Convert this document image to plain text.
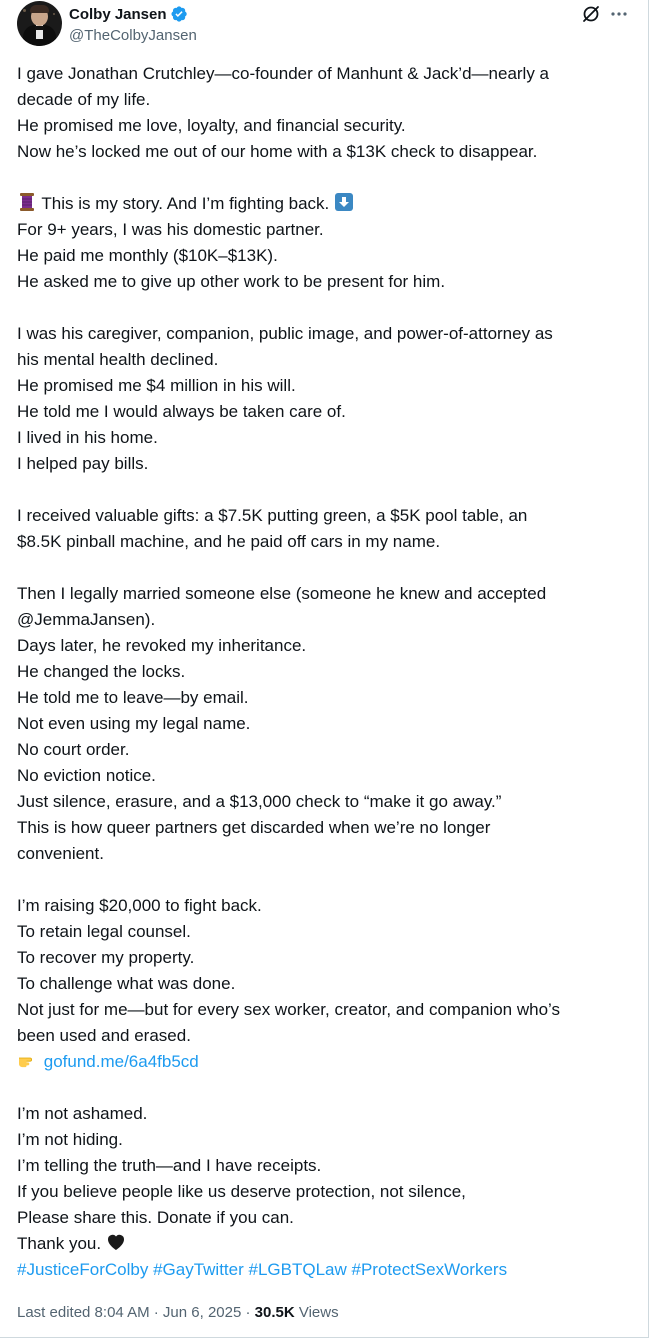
Colby Jansen
@TheColbyJansen
I gave Jonathan Crutchley—co-founder of Manhunt & Jack’d—nearly a
decade of my life.
He promised me love, loyalty, and financial security.
Now he’s locked me out of our home with a $13K check to disappear.
This is my story. And I’m fighting back.
For 9+ years, I was his domestic partner.
He paid me monthly ($10K–$13K).
He asked me to give up other work to be present for him.
I was his caregiver, companion, public image, and power-of-attorney as
his mental health declined.
He promised me $4 million in his will.
He told me I would always be taken care of.
I lived in his home.
I helped pay bills.
I received valuable gifts: a $7.5K putting green, a $5K pool table, an
$8.5K pinball machine, and he paid off cars in my name.
Then I legally married someone else (someone he knew and accepted
@JemmaJansen).
Days later, he revoked my inheritance.
He changed the locks.
He told me to leave—by email.
Not even using my legal name.
No court order.
No eviction notice.
Just silence, erasure, and a $13,000 check to “make it go away.”
This is how queer partners get discarded when we’re no longer
convenient.
I’m raising $20,000 to fight back.
To retain legal counsel.
To recover my property.
To challenge what was done.
Not just for me—but for every sex worker, creator, and companion who’s
been used and erased.
gofund.me/6a4fb5cd
I’m not ashamed.
I’m not hiding.
I’m telling the truth—and I have receipts.
If you believe people like us deserve protection, not silence,
Please share this. Donate if you can.
Thank you.
#JusticeForColby #GayTwitter #LGBTQLaw #ProtectSexWorkers
Last edited 8:04 AM · Jun 6, 2025 · 30.5K Views
